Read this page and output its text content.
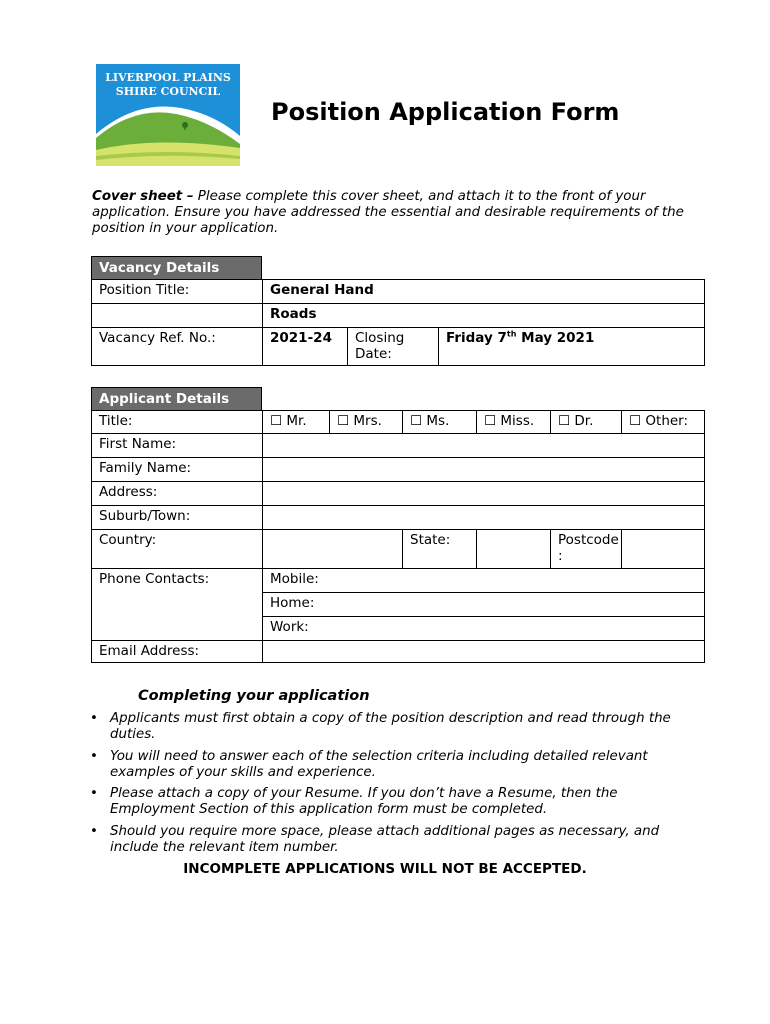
LIVERPOOL PLAINS
SHIRE COUNCIL
Position Application Form
Cover sheet – Please complete this cover sheet, and attach it to the front of your application. Ensure you have addressed the essential and desirable requirements of the position in your application.
Vacancy Details
Position Title:	General Hand		
	Roads		
Vacancy Ref. No.:	2021-24	Closing Date:	Friday 7th May 2021
Applicant Details
Title:	☐ Mr.	☐ Mrs.	☐ Ms.	☐ Miss.	☐ Dr.	☐ Other:
First Name:						
Family Name:						
Address:						
Suburb/Town:						
Country:			State:		Postcode :	
Phone Contacts:	Mobile:					
	Home:					
	Work:					
Email Address:						
Completing your application
• Applicants must first obtain a copy of the position description and read through the duties.
• You will need to answer each of the selection criteria including detailed relevant examples of your skills and experience.
• Please attach a copy of your Resume. If you don’t have a Resume, then the Employment Section of this application form must be completed.
• Should you require more space, please attach additional pages as necessary, and include the relevant item number.
INCOMPLETE APPLICATIONS WILL NOT BE ACCEPTED.
